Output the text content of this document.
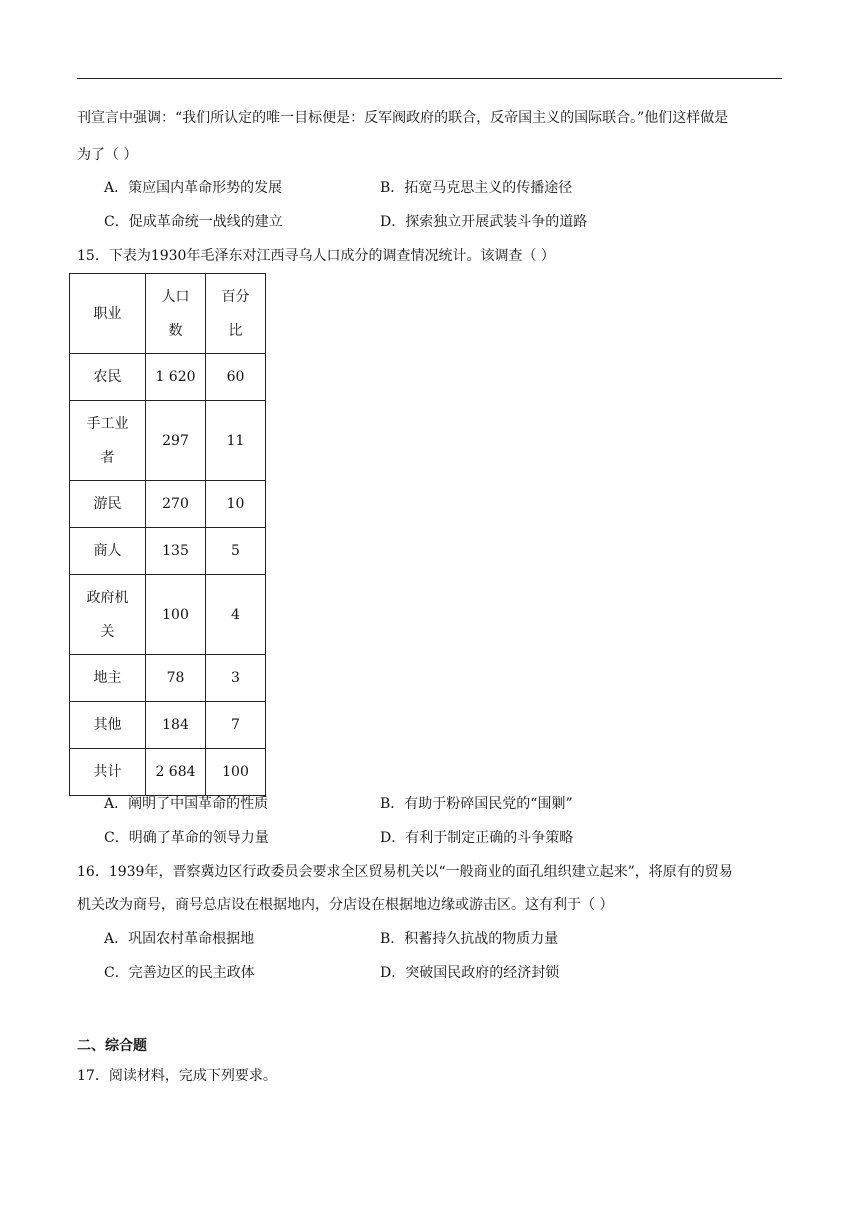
刊宣言中强调：“我们所认定的唯一目标便是：反军阀政府的联合，反帝国主义的国际联合。”他们这样做是
为了（ ）
A．策应国内革命形势的发展	B．拓宽马克思主义的传播途径
C．促成革命统一战线的建立	D．探索独立开展武装斗争的道路
15．下表为1930年毛泽东对江西寻乌人口成分的调查情况统计。该调查（ ）
职业	人口数	百分比

农民	1 620	60

手工业者	297	11
游民	270	10
商人	135	5

政府机关	100	4
地主	78	3
其他	184	7
共计	2 684	100
A．阐明了中国革命的性质	B．有助于粉碎国民党的“围剿”
C．明确了革命的领导力量	D．有利于制定正确的斗争策略
16．1939年，晋察冀边区行政委员会要求全区贸易机关以“一般商业的面孔组织建立起来”，将原有的贸易
机关改为商号，商号总店设在根据地内，分店设在根据地边缘或游击区。这有利于（ ）
A．巩固农村革命根据地	B．积蓄持久抗战的物质力量
C．完善边区的民主政体	D．突破国民政府的经济封锁
二、综合题
17．阅读材料，完成下列要求。
